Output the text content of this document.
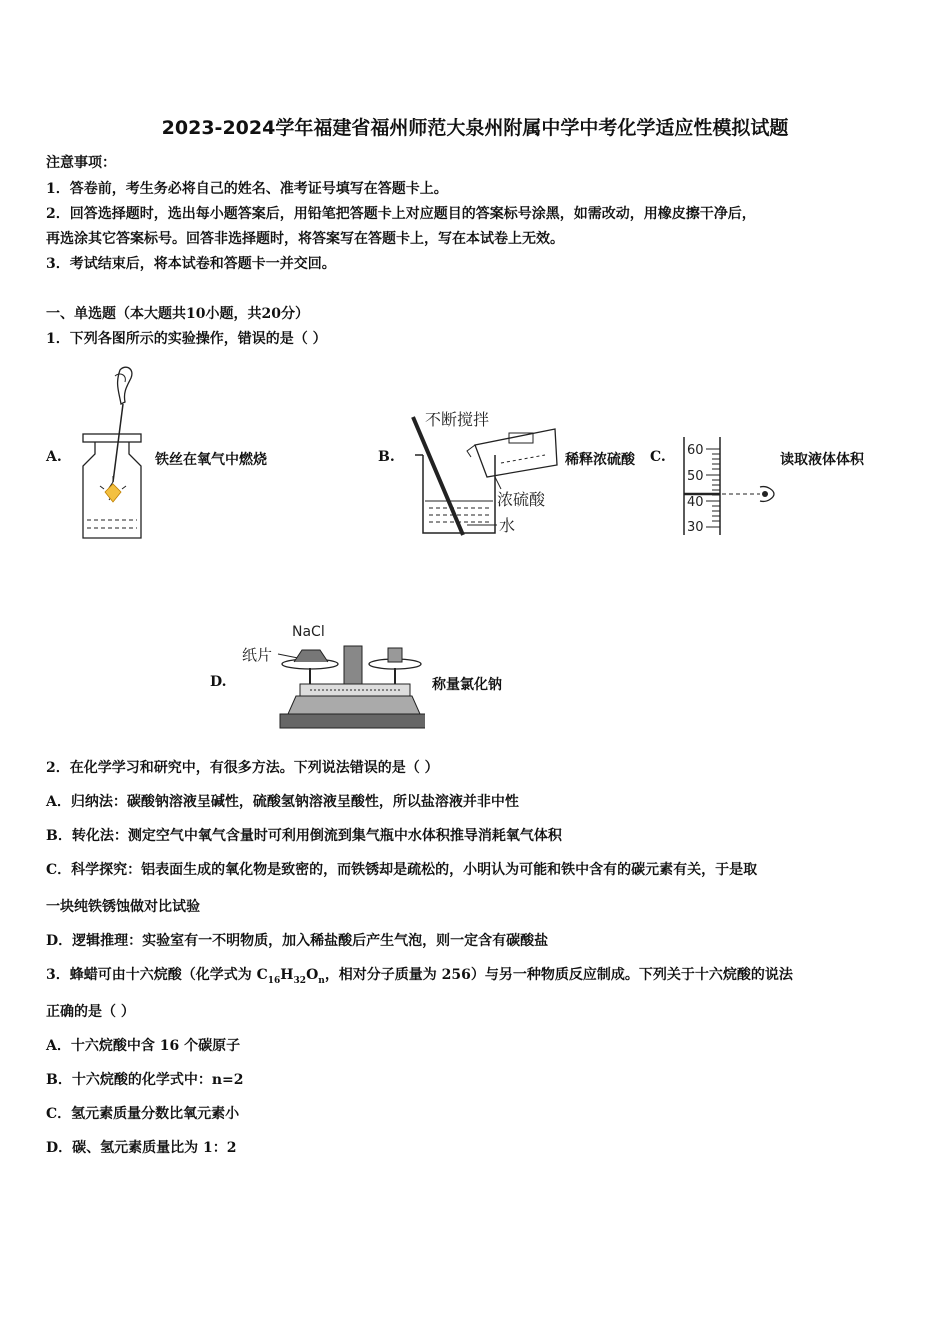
2023-2024学年福建省福州师范大泉州附属中学中考化学适应性模拟试题
注意事项：
1．答卷前，考生务必将自己的姓名、准考证号填写在答题卡上。
2．回答选择题时，选出每小题答案后，用铅笔把答题卡上对应题目的答案标号涂黑，如需改动，用橡皮擦干净后，
再选涂其它答案标号。回答非选择题时，将答案写在答题卡上，写在本试卷上无效。
3．考试结束后，将本试卷和答题卡一并交回。
一、单选题（本大题共10小题，共20分）
1．下列各图所示的实验操作，错误的是（ ）
A.	铁丝在氧气中燃烧	B.
不断搅拌
浓硫酸
水
稀释浓硫酸 C. 60
50
40
30
读取液体体积
D.
NaCl
纸片
称量氯化钠
2．在化学学习和研究中，有很多方法。下列说法错误的是（ ）
A．归纳法：碳酸钠溶液呈碱性，硫酸氢钠溶液呈酸性，所以盐溶液并非中性
B．转化法：测定空气中氧气含量时可利用倒流到集气瓶中水体积推导消耗氧气体积
C．科学探究：铝表面生成的氧化物是致密的，而铁锈却是疏松的，小明认为可能和铁中含有的碳元素有关，于是取
一块纯铁锈蚀做对比试验
D．逻辑推理：实验室有一不明物质，加入稀盐酸后产生气泡，则一定含有碳酸盐
3．蜂蜡可由十六烷酸（化学式为 $C_{16}H_{32}O_n$，相对分子质量为 256）与另一种物质反应制成。下列关于十六烷酸的说法
正确的是（ ）
A．十六烷酸中含 16 个碳原子
B．十六烷酸的化学式中：n=2
C．氢元素质量分数比氧元素小
D．碳、氢元素质量比为 1：2
